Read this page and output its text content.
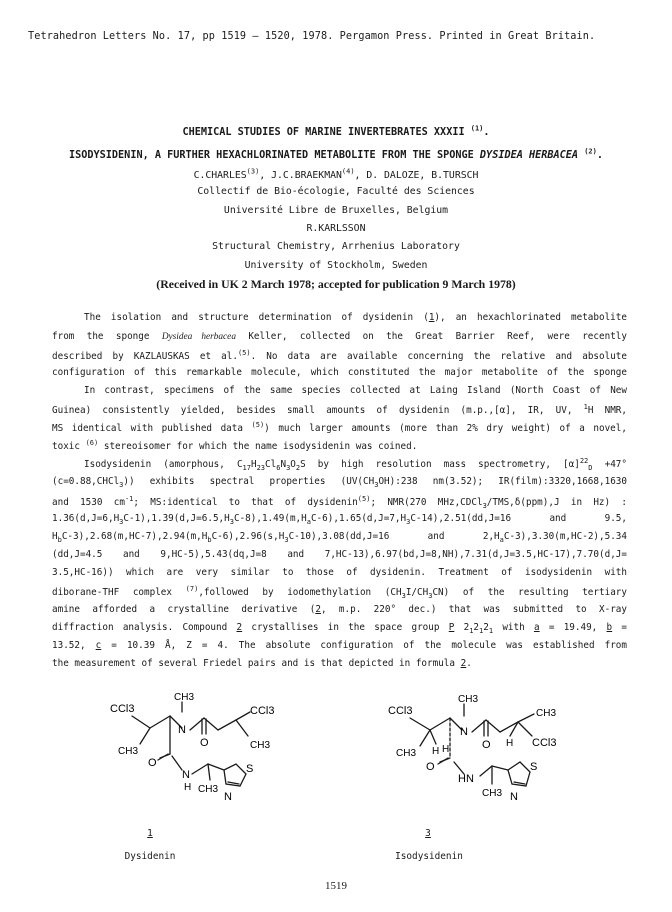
Tetrahedron Letters No. 17, pp 1519 – 1520, 1978. Pergamon Press. Printed in Great Britain.
CHEMICAL STUDIES OF MARINE INVERTEBRATES XXXII $^{(1)}$.
ISODYSIDENIN, A FURTHER HEXACHLORINATED METABOLITE FROM THE SPONGE DYSIDEA HERBACEA $^{(2)}$.
C.CHARLES$^{(3)}$, J.C.BRAEKMAN$^{(4)}$, D. DALOZE, B.TURSCH
Collectif de Bio-écologie, Faculté des Sciences
Université Libre de Bruxelles, Belgium
R.KARLSSON
Structural Chemistry, Arrhenius Laboratory
University of Stockholm, Sweden
(Received in UK 2 March 1978; accepted for publication 9 March 1978)
The isolation and structure determination of dysidenin (1), an hexachlorinated metabolite
from the sponge Dysidea herbacea Keller, collected on the Great Barrier Reef, were recently
described by KAZLAUSKAS et al.$^{(5)}$. No data are available concerning the relative and absolute
configuration of this remarkable molecule, which constituted the major metabolite of the sponge
In contrast, specimens of the same species collected at Laing Island (North Coast of New
Guinea) consistently yielded, besides small amounts of dysidenin (m.p.,[α], IR, UV, $^1$H NMR,
MS identical with published data $^{(5)}$) much larger amounts (more than 2% dry weight) of a novel,
toxic $^{(6)}$ stereoisomer for which the name isodysidenin was coined.
Isodysidenin (amorphous, $C_{17}H_{23}Cl_6N_3O_2S$ by high resolution mass spectrometry, $[\alpha]^{22}_D +47^\circ$
(c=0.88,CHCl$_3$)) exhibits spectral properties ($UV(CH_3OH):238$ nm(3.52); IR(film):3320,1668,1630
and 1530 $cm^{-1}$; MS:identical to that of dysidenin$^{(5)}$; NMR(270 MHz,CDCl$_3$/TMS,δ(ppm),J in Hz) :
$1.36(d,J=6,H_3C-1),1.39(d,J=6.5,H_3C-8),1.49(m,H_aC-6),1.65(d,J=7,H_3C-14),2.51(dd,J=16$ and 9.5,
$H_bC-3),2.68(m,HC-7),2.94(m,H_bC-6),2.96(s,H_3C-10),3.08(dd,J=16$ and $2,H_aC-3),3.30(m,HC-2),5.34$
(dd,J=4.5 and 9,HC-5),5.43(dq,J=8 and 7,HC-13),6.97(bd,J=8,NH),7.31(d,J=3.5,HC-17),7.70(d,J=
3.5,HC-16)) which are very similar to those of dysidenin. Treatment of isodysidenin with
diborane-THF complex $^{(7)}$,followed by iodomethylation $(CH_3I/CH_3CN)$ of the resulting tertiary
amine afforded a crystalline derivative (2, m.p. 220° dec.) that was submitted to X-ray
diffraction analysis. Compound 2 crystallises in the space group P $2_12_12_1$ with a = 19.49, b =
13.52, c = 10.39 Å, Z = 4. The absolute configuration of the molecule was established from
the measurement of several Friedel pairs and is that depicted in formula 2.
CCl3
CH3
N
CCl3
CH3
CH3
O
O
N
H CH3
S
N
1
Dysidenin
CCl3
CH3
N
CH3
CCl3
CH3 H H
H
O
O
HN
CH3
S
N
3
Isodysidenin
1519
